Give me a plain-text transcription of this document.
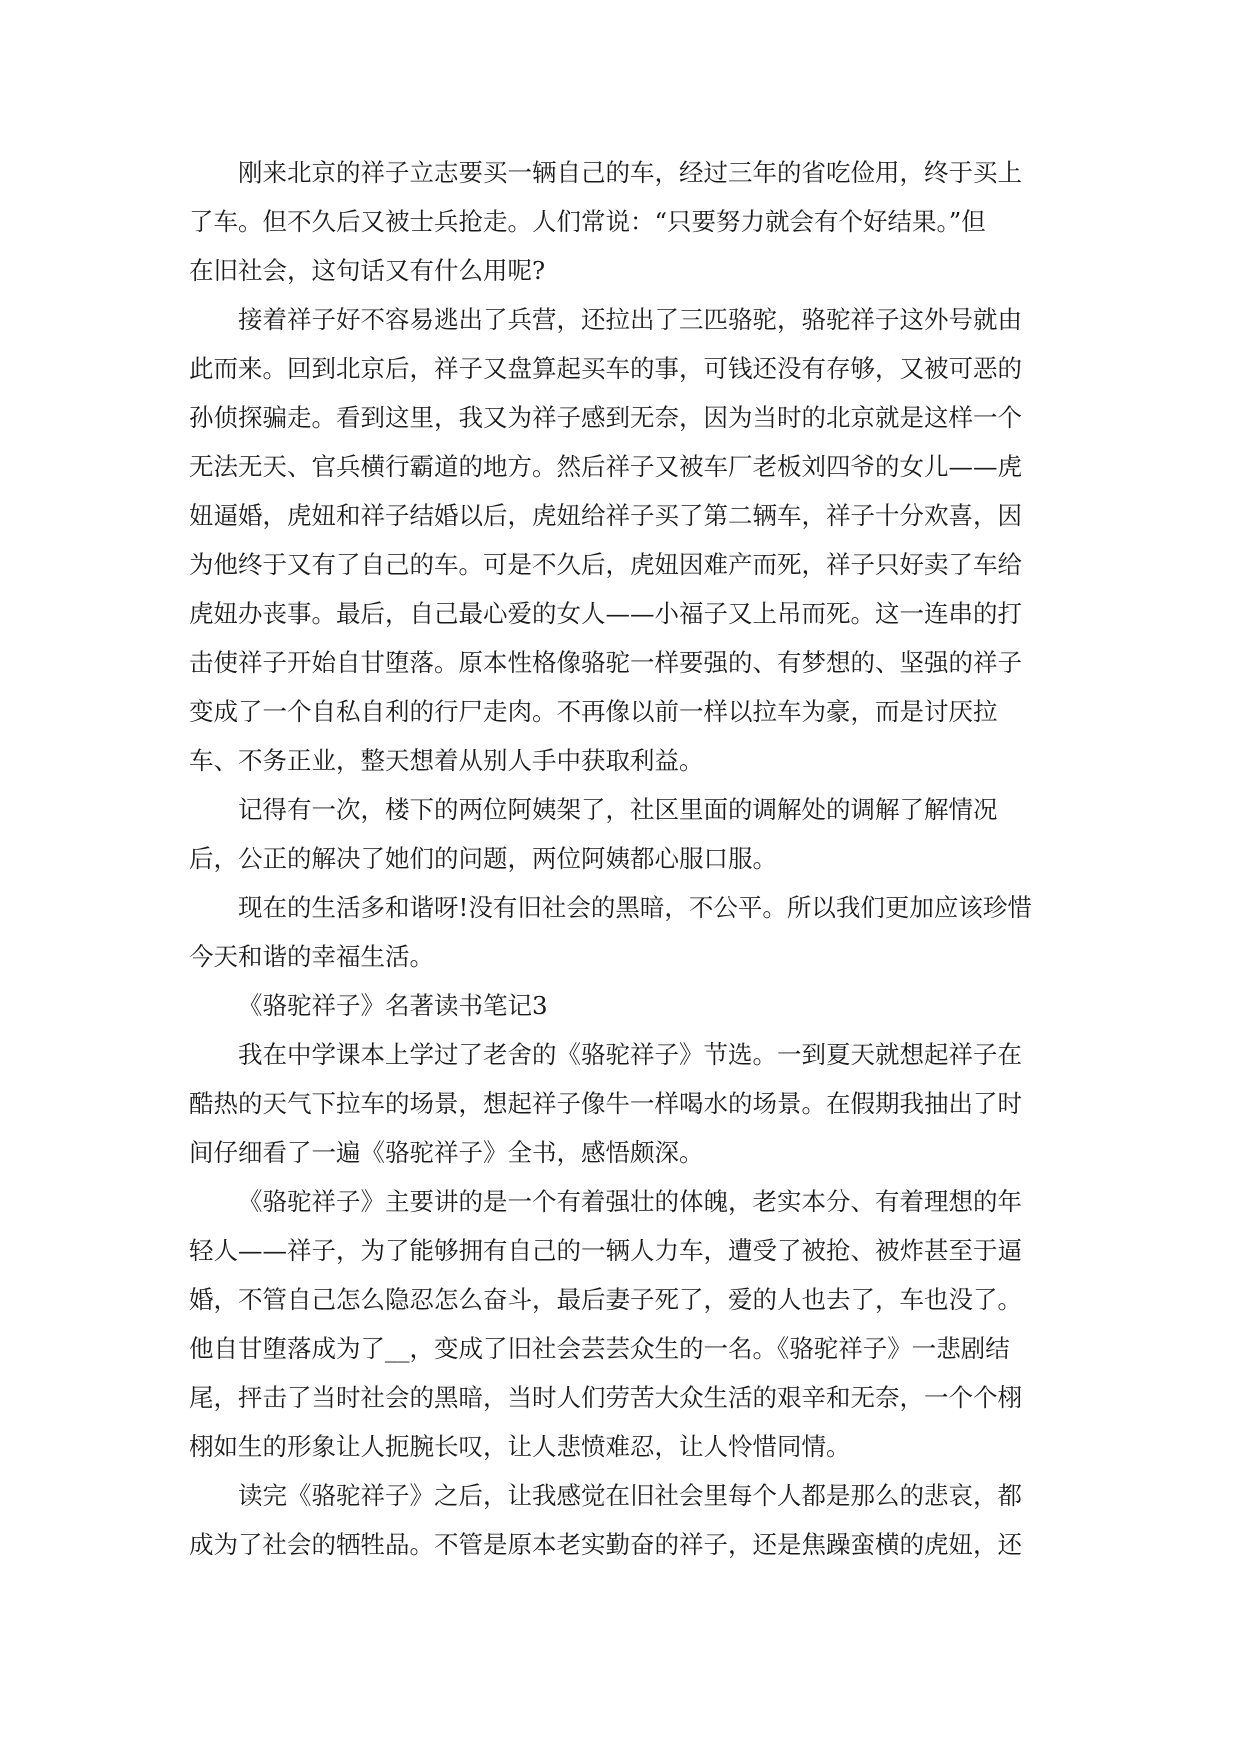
刚来北京的祥子立志要买一辆自己的车，经过三年的省吃俭用，终于买上
了车。但不久后又被士兵抢走。人们常说：“只要努力就会有个好结果。”但
在旧社会，这句话又有什么用呢?
接着祥子好不容易逃出了兵营，还拉出了三匹骆驼，骆驼祥子这外号就由
此而来。回到北京后，祥子又盘算起买车的事，可钱还没有存够，又被可恶的
孙侦探骗走。看到这里，我又为祥子感到无奈，因为当时的北京就是这样一个
无法无天、官兵横行霸道的地方。然后祥子又被车厂老板刘四爷的女儿——虎
妞逼婚，虎妞和祥子结婚以后，虎妞给祥子买了第二辆车，祥子十分欢喜，因
为他终于又有了自己的车。可是不久后，虎妞因难产而死，祥子只好卖了车给
虎妞办丧事。最后，自己最心爱的女人——小福子又上吊而死。这一连串的打
击使祥子开始自甘堕落。原本性格像骆驼一样要强的、有梦想的、坚强的祥子
变成了一个自私自利的行尸走肉。不再像以前一样以拉车为豪，而是讨厌拉
车、不务正业，整天想着从别人手中获取利益。
记得有一次，楼下的两位阿姨架了，社区里面的调解处的调解了解情况
后，公正的解决了她们的问题，两位阿姨都心服口服。
现在的生活多和谐呀!没有旧社会的黑暗，不公平。所以我们更加应该珍惜
今天和谐的幸福生活。
《骆驼祥子》名著读书笔记3
我在中学课本上学过了老舍的《骆驼祥子》节选。一到夏天就想起祥子在
酷热的天气下拉车的场景，想起祥子像牛一样喝水的场景。在假期我抽出了时
间仔细看了一遍《骆驼祥子》全书，感悟颇深。
《骆驼祥子》主要讲的是一个有着强壮的体魄，老实本分、有着理想的年
轻人——祥子，为了能够拥有自己的一辆人力车，遭受了被抢、被炸甚至于逼
婚，不管自己怎么隐忍怎么奋斗，最后妻子死了，爱的人也去了，车也没了。
他自甘堕落成为了__，变成了旧社会芸芸众生的一名。《骆驼祥子》一悲剧结
尾，抨击了当时社会的黑暗，当时人们劳苦大众生活的艰辛和无奈，一个个栩
栩如生的形象让人扼腕长叹，让人悲愤难忍，让人怜惜同情。
读完《骆驼祥子》之后，让我感觉在旧社会里每个人都是那么的悲哀，都
成为了社会的牺牲品。不管是原本老实勤奋的祥子，还是焦躁蛮横的虎妞，还
